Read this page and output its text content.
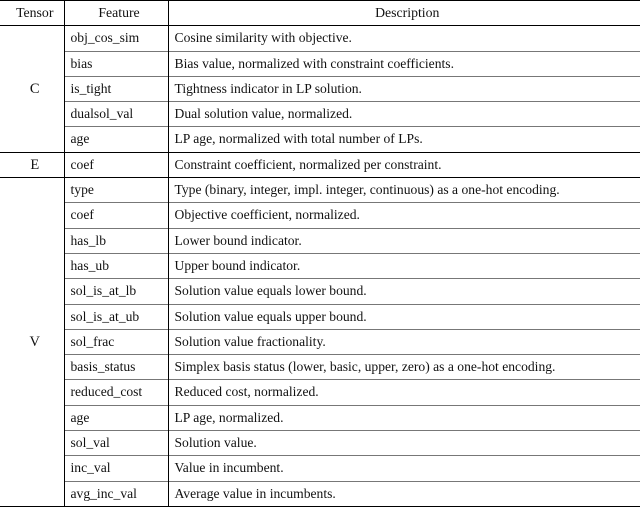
Tensor	Feature	Description
C	obj_cos_sim	Cosine similarity with objective.
	bias	Bias value, normalized with constraint coefficients.
	is_tight	Tightness indicator in LP solution.
	dualsol_val	Dual solution value, normalized.
	age	LP age, normalized with total number of LPs.
E	coef	Constraint coefficient, normalized per constraint.
V	type	Type (binary, integer, impl. integer, continuous) as a one-hot encoding.
	coef	Objective coefficient, normalized.
	has_lb	Lower bound indicator.
	has_ub	Upper bound indicator.
	sol_is_at_lb	Solution value equals lower bound.
	sol_is_at_ub	Solution value equals upper bound.
	sol_frac	Solution value fractionality.
	basis_status	Simplex basis status (lower, basic, upper, zero) as a one-hot encoding.
	reduced_cost	Reduced cost, normalized.
	age	LP age, normalized.
	sol_val	Solution value.
	inc_val	Value in incumbent.
	avg_inc_val	Average value in incumbents.
